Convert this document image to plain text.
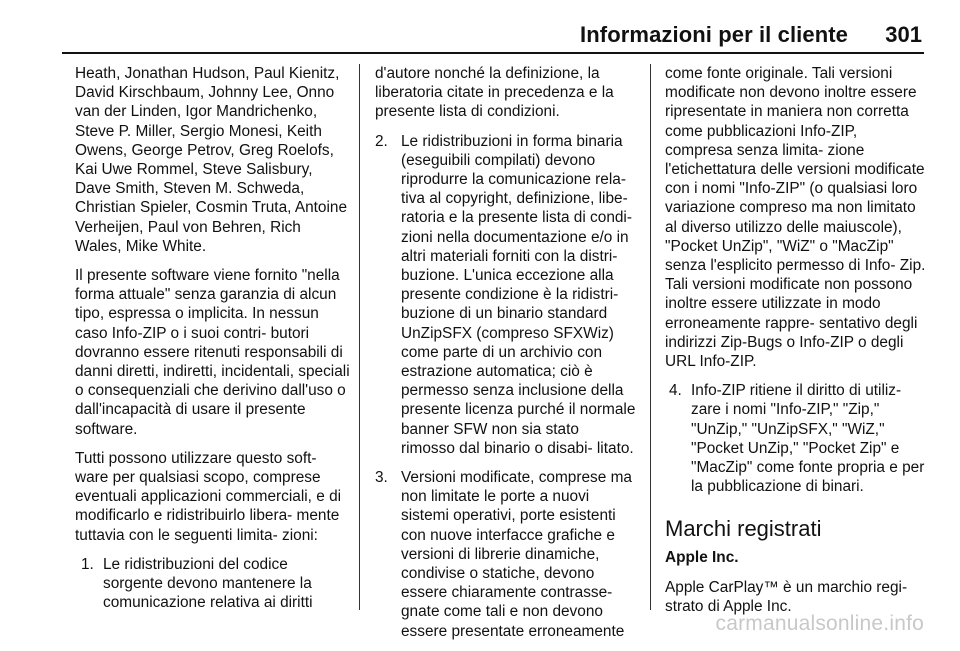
Informazioni per il cliente 301

Heath, Jonathan Hudson, Paul Kienitz, David Kirschbaum, Johnny Lee, Onno van der Linden, Igor Mandrichenko, Steve P. Miller, Sergio Monesi, Keith Owens, George Petrov, Greg Roelofs, Kai Uwe Rommel, Steve Salisbury, Dave Smith, Steven M. Schweda, Christian Spieler, Cosmin Truta, Antoine Verheijen, Paul von Behren, Rich Wales, Mike White.

Il presente software viene fornito "nella forma attuale" senza garanzia di alcun tipo, espressa o implicita. In nessun caso Info-ZIP o i suoi contri- butori dovranno essere ritenuti responsabili di danni diretti, indiretti, incidentali, speciali o consequenziali che derivino dall'uso o dall'incapacità di usare il presente software.

Tutti possono utilizzare questo soft- ware per qualsiasi scopo, comprese eventuali applicazioni commerciali, e di modificarlo e ridistribuirlo libera- mente tuttavia con le seguenti limita- zioni:

1. Le ridistribuzioni del codice sorgente devono mantenere la comunicazione relativa ai diritti

d'autore nonché la definizione, la liberatoria citate in precedenza e la presente lista di condizioni.

2. Le ridistribuzioni in forma binaria (eseguibili compilati) devono riprodurre la comunicazione rela- tiva al copyright, definizione, libe- ratoria e la presente lista di condi- zioni nella documentazione e/o in altri materiali forniti con la distri- buzione. L'unica eccezione alla presente condizione è la ridistri- buzione di un binario standard UnZipSFX (compreso SFXWiz) come parte di un archivio con estrazione automatica; ciò è permesso senza inclusione della presente licenza purché il normale banner SFW non sia stato rimosso dal binario o disabi- litato.
3. Versioni modificate, comprese ma non limitate le porte a nuovi sistemi operativi, porte esistenti con nuove interfacce grafiche e versioni di librerie dinamiche, condivise o statiche, devono essere chiaramente contrasse- gnate come tali e non devono essere presentate erroneamente

come fonte originale. Tali versioni modificate non devono inoltre essere ripresentate in maniera non corretta come pubblicazioni Info-ZIP, compresa senza limita- zione l'etichettatura delle versioni modificate con i nomi "Info-ZIP" (o qualsiasi loro variazione compreso ma non limitato al diverso utilizzo delle maiuscole), "Pocket UnZip", "WiZ" o "MacZip" senza l'esplicito permesso di Info- Zip. Tali versioni modificate non possono inoltre essere utilizzate in modo erroneamente rappre- sentativo degli indirizzi Zip-Bugs o Info-ZIP o degli URL Info-ZIP.

4. Info-ZIP ritiene il diritto di utiliz- zare i nomi "Info-ZIP," "Zip," "UnZip," "UnZipSFX," "WiZ," "Pocket UnZip," "Pocket Zip" e "MacZip" come fonte propria e per la pubblicazione di binari.
Marchi registrati

Apple Inc.

Apple CarPlay™ è un marchio regi- strato di Apple Inc.

carmanualsonline.info
